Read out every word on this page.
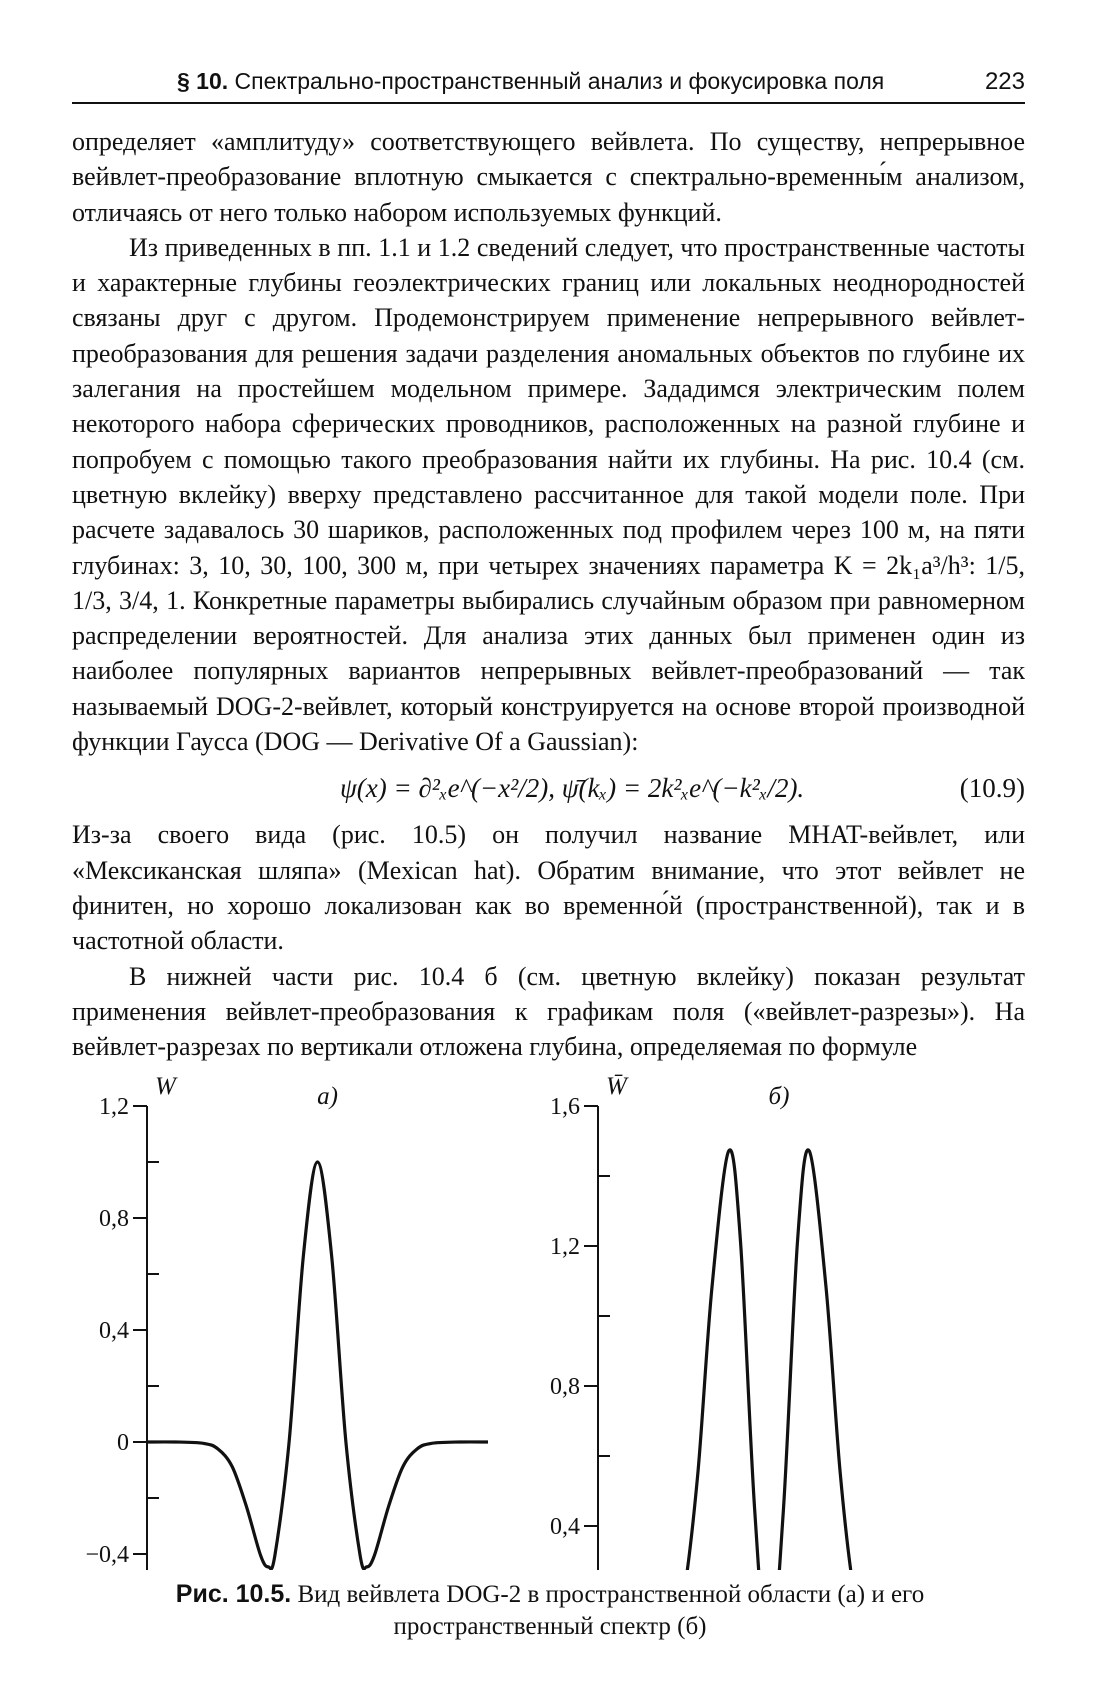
§ 10. Спектрально-пространственный анализ и фокусировка поля	223

определяет «амплитуду» соответствующего вейвлета. По существу, непрерывное вейвлет-преобразование вплотную смыкается с спектрально-временны́м анализом, отличаясь от него только набором используемых функций.

Из приведенных в пп. 1.1 и 1.2 сведений следует, что пространственные частоты и характерные глубины геоэлектрических границ или локальных неоднородностей связаны друг с другом. Продемонстрируем применение непрерывного вейвлет-преобразования для решения задачи разделения аномальных объектов по глубине их залегания на простейшем модельном примере. Зададимся электрическим полем некоторого набора сферических проводников, расположенных на разной глубине и попробуем с помощью такого преобразования найти их глубины. На рис. 10.4 (см. цветную вклейку) вверху представлено рассчитанное для такой модели поле. При расчете задавалось 30 шариков, расположенных под профилем через 100 м, на пяти глубинах: 3, 10, 30, 100, 300 м, при четырех значениях параметра K = 2k₁a³/h³: 1/5, 1/3, 3/4, 1. Конкретные параметры выбирались случайным образом при равномерном распределении вероятностей. Для анализа этих данных был применен один из наиболее популярных вариантов непрерывных вейвлет-преобразований — так называемый DOG-2-вейвлет, который конструируется на основе второй производной функции Гаусса (DOG — Derivative Of a Gaussian):

ψ(x) = ∂²ₓe^(−x²/2), ψ̄(kₓ) = 2k²ₓe^(−k²ₓ/2).	(10.9)

Из-за своего вида (рис. 10.5) он получил название MHAT-вейвлет, или «Мексиканская шляпа» (Mexican hat). Обратим внимание, что этот вейвлет не финитен, но хорошо локализован как во временно́й (пространственной), так и в частотной области.

В нижней части рис. 10.4 б (см. цветную вклейку) показан результат применения вейвлет-преобразования к графикам поля («вейвлет-разрезы»). На вейвлет-разрезах по вертикали отложена глубина, определяемая по формуле

1,2
0,8
0,4
0
−0,4
W	а)	1,6
1,2
0,8
0,4
W̄	б)
Рис. 10.5. Вид вейвлета DOG-2 в пространственной области (а) и его пространственный спектр (б)
